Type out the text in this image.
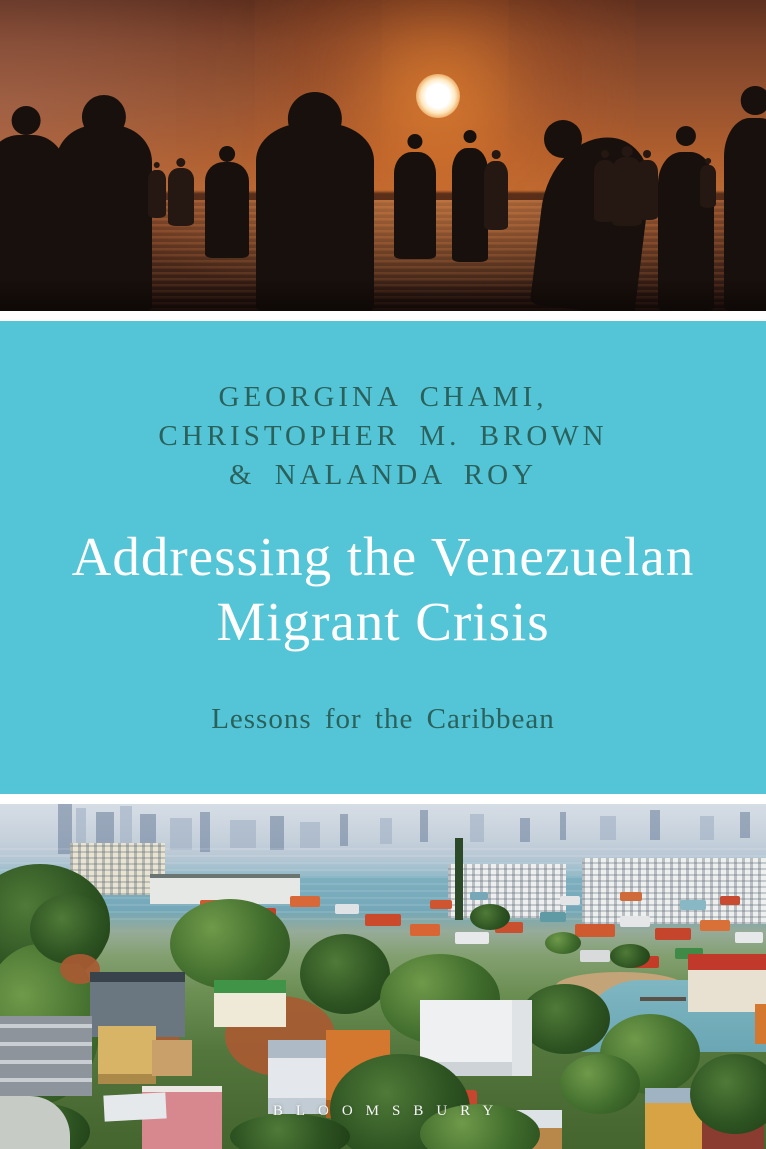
GEORGINA CHAMI,
CHRISTOPHER M. BROWN
& NALANDA ROY
Addressing the Venezuelan
Migrant Crisis
Lessons for the Caribbean
BLOOMSBURY
